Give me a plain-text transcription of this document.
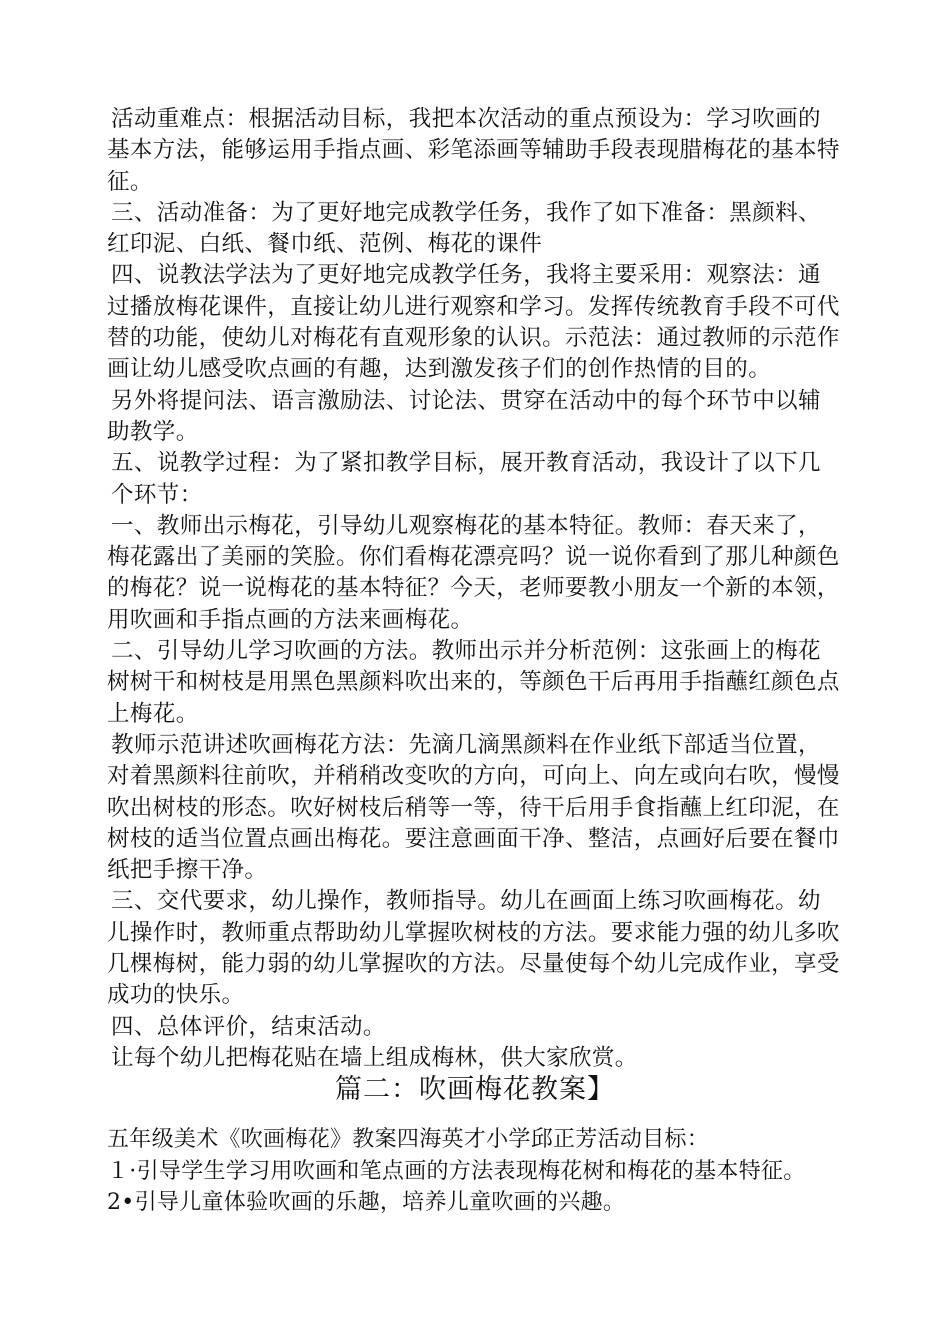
活动重难点：根据活动目标，我把本次活动的重点预设为：学习吹画的
基本方法，能够运用手指点画、彩笔添画等辅助手段表现腊梅花的基本特
征。
三、活动准备：为了更好地完成教学任务，我作了如下准备：黑颜料、
红印泥、白纸、餐巾纸、范例、梅花的课件
四、说教法学法为了更好地完成教学任务，我将主要采用：观察法：通
过播放梅花课件，直接让幼儿进行观察和学习。发挥传统教育手段不可代
替的功能，使幼儿对梅花有直观形象的认识。示范法：通过教师的示范作
画让幼儿感受吹点画的有趣，达到激发孩子们的创作热情的目的。
另外将提问法、语言激励法、讨论法、贯穿在活动中的每个环节中以辅
助教学。
五、说教学过程：为了紧扣教学目标，展开教育活动，我设计了以下几
个环节：
一、教师出示梅花，引导幼儿观察梅花的基本特征。教师：春天来了，
梅花露出了美丽的笑脸。你们看梅花漂亮吗？说一说你看到了那儿种颜色
的梅花？说一说梅花的基本特征？今天，老师要教小朋友一个新的本领，
用吹画和手指点画的方法来画梅花。
二、引导幼儿学习吹画的方法。教师出示并分析范例：这张画上的梅花
树树干和树枝是用黑色黑颜料吹出来的，等颜色干后再用手指蘸红颜色点
上梅花。
教师示范讲述吹画梅花方法：先滴几滴黑颜料在作业纸下部适当位置，
对着黑颜料往前吹，并稍稍改变吹的方向，可向上、向左或向右吹，慢慢
吹出树枝的形态。吹好树枝后稍等一等，待干后用手食指蘸上红印泥，在
树枝的适当位置点画出梅花。要注意画面干净、整洁，点画好后要在餐巾
纸把手擦干净。
三、交代要求，幼儿操作，教师指导。幼儿在画面上练习吹画梅花。幼
儿操作时，教师重点帮助幼儿掌握吹树枝的方法。要求能力强的幼儿多吹
几棵梅树，能力弱的幼儿掌握吹的方法。尽量使每个幼儿完成作业，享受
成功的快乐。
四、总体评价，结束活动。
让每个幼儿把梅花贴在墙上组成梅林，供大家欣赏。
篇二：吹画梅花教案】
五年级美术《吹画梅花》教案四海英才小学邱正芳活动目标：
１·引导学生学习用吹画和笔点画的方法表现梅花树和梅花的基本特征。
2•引导儿童体验吹画的乐趣，培养儿童吹画的兴趣。
